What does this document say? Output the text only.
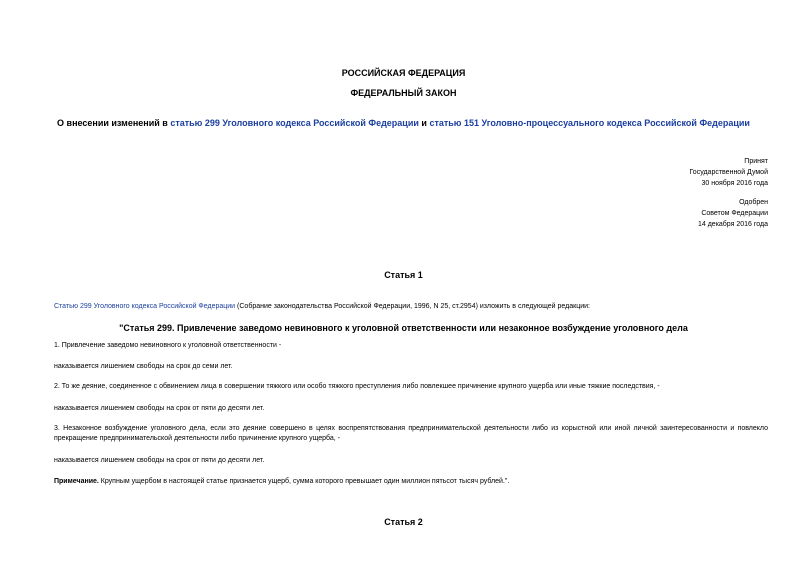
РОССИЙСКАЯ ФЕДЕРАЦИЯ
ФЕДЕРАЛЬНЫЙ ЗАКОН
О внесении изменений в статью 299 Уголовного кодекса Российской Федерации и статью 151 Уголовно-процессуального кодекса Российской Федерации
Принят
Государственной Думой
30 ноября 2016 года
Одобрен
Советом Федерации
14 декабря 2016 года
Статья 1
Статью 299 Уголовного кодекса Российской Федерации (Собрание законодательства Российской Федерации, 1996, N 25, ст.2954) изложить в следующей редакции:
"Статья 299. Привлечение заведомо невиновного к уголовной ответственности или незаконное возбуждение уголовного дела
1. Привлечение заведомо невиновного к уголовной ответственности -
наказывается лишением свободы на срок до семи лет.
2. То же деяние, соединенное с обвинением лица в совершении тяжкого или особо тяжкого преступления либо повлекшее причинение крупного ущерба или иные тяжкие последствия, -
наказывается лишением свободы на срок от пяти до десяти лет.
3. Незаконное возбуждение уголовного дела, если это деяние совершено в целях воспрепятствования предпринимательской деятельности либо из корыстной или иной личной заинтересованности и повлекло прекращение предпринимательской деятельности либо причинение крупного ущерба, -
наказывается лишением свободы на срок от пяти до десяти лет.
Примечание. Крупным ущербом в настоящей статье признается ущерб, сумма которого превышает один миллион пятьсот тысяч рублей.".
Статья 2
